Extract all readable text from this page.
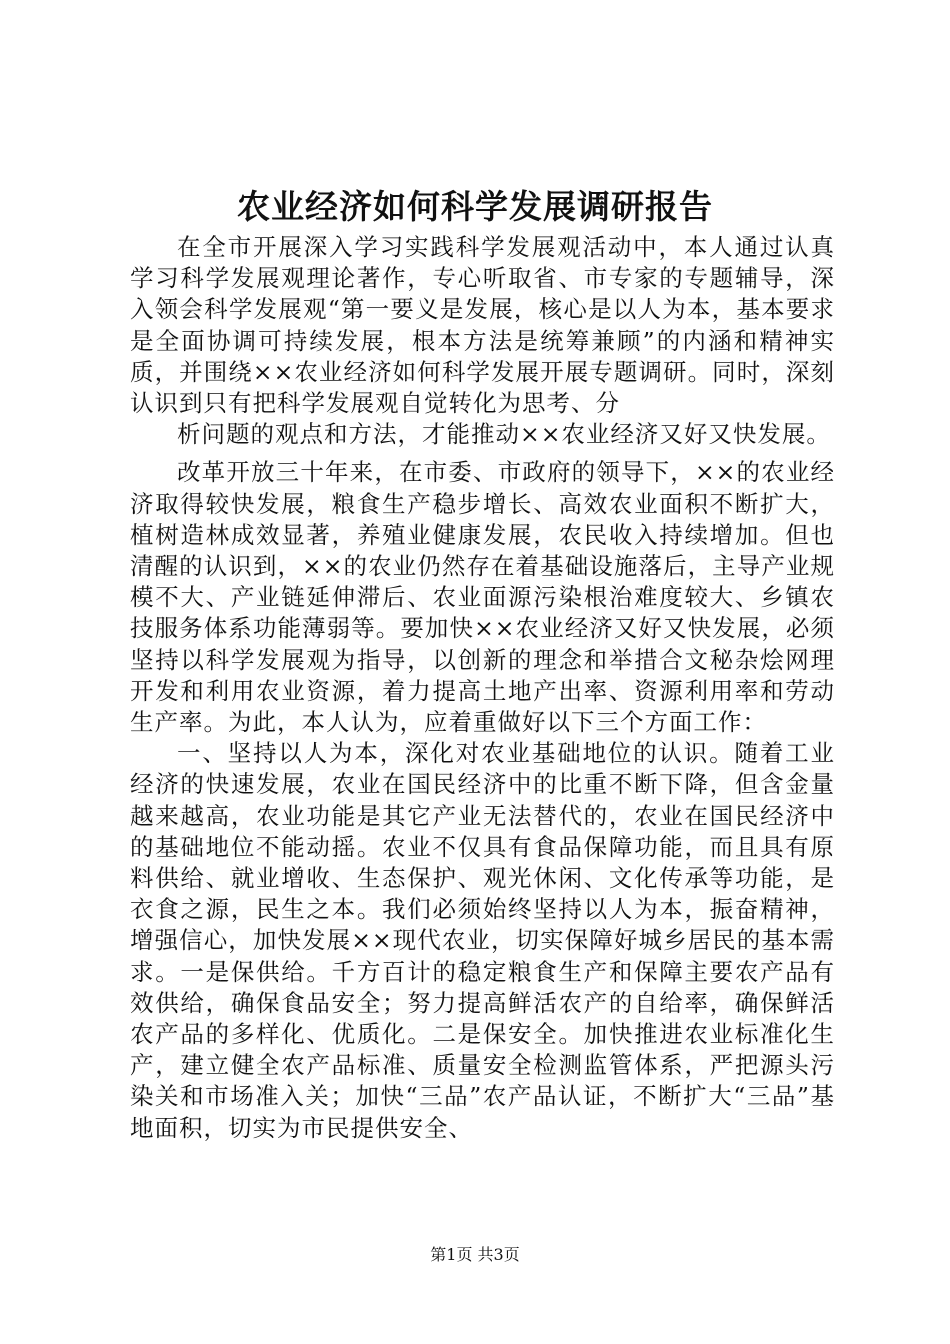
农业经济如何科学发展调研报告

在全市开展深入学习实践科学发展观活动中，本人通过认真学习科学发展观理论著作，专心听取省、市专家的专题辅导，深入领会科学发展观“第一要义是发展，核心是以人为本，基本要求是全面协调可持续发展，根本方法是统筹兼顾”的内涵和精神实质，并围绕××农业经济如何科学发展开展专题调研。同时，深刻认识到只有把科学发展观自觉转化为思考、分

析问题的观点和方法，才能推动××农业经济又好又快发展。

改革开放三十年来，在市委、市政府的领导下，××的农业经济取得较快发展，粮食生产稳步增长、高效农业面积不断扩大，植树造林成效显著，养殖业健康发展，农民收入持续增加。但也清醒的认识到，××的农业仍然存在着基础设施落后，主导产业规模不大、产业链延伸滞后、农业面源污染根治难度较大、乡镇农技服务体系功能薄弱等。要加快××农业经济又好又快发展，必须坚持以科学发展观为指导，以创新的理念和举措合文秘杂烩网理开发和利用农业资源，着力提高土地产出率、资源利用率和劳动生产率。为此，本人认为，应着重做好以下三个方面工作：

一、坚持以人为本，深化对农业基础地位的认识。随着工业经济的快速发展，农业在国民经济中的比重不断下降，但含金量越来越高，农业功能是其它产业无法替代的，农业在国民经济中的基础地位不能动摇。农业不仅具有食品保障功能，而且具有原料供给、就业增收、生态保护、观光休闲、文化传承等功能，是衣食之源，民生之本。我们必须始终坚持以人为本，振奋精神，增强信心，加快发展××现代农业，切实保障好城乡居民的基本需求。一是保供给。千方百计的稳定粮食生产和保障主要农产品有效供给，确保食品安全；努力提高鲜活农产的自给率，确保鲜活农产品的多样化、优质化。二是保安全。加快推进农业标准化生产，建立健全农产品标准、质量安全检测监管体系，严把源头污染关和市场准入关；加快“三品”农产品认证，不断扩大“三品”基地面积，切实为市民提供安全、

第1页 共3页
